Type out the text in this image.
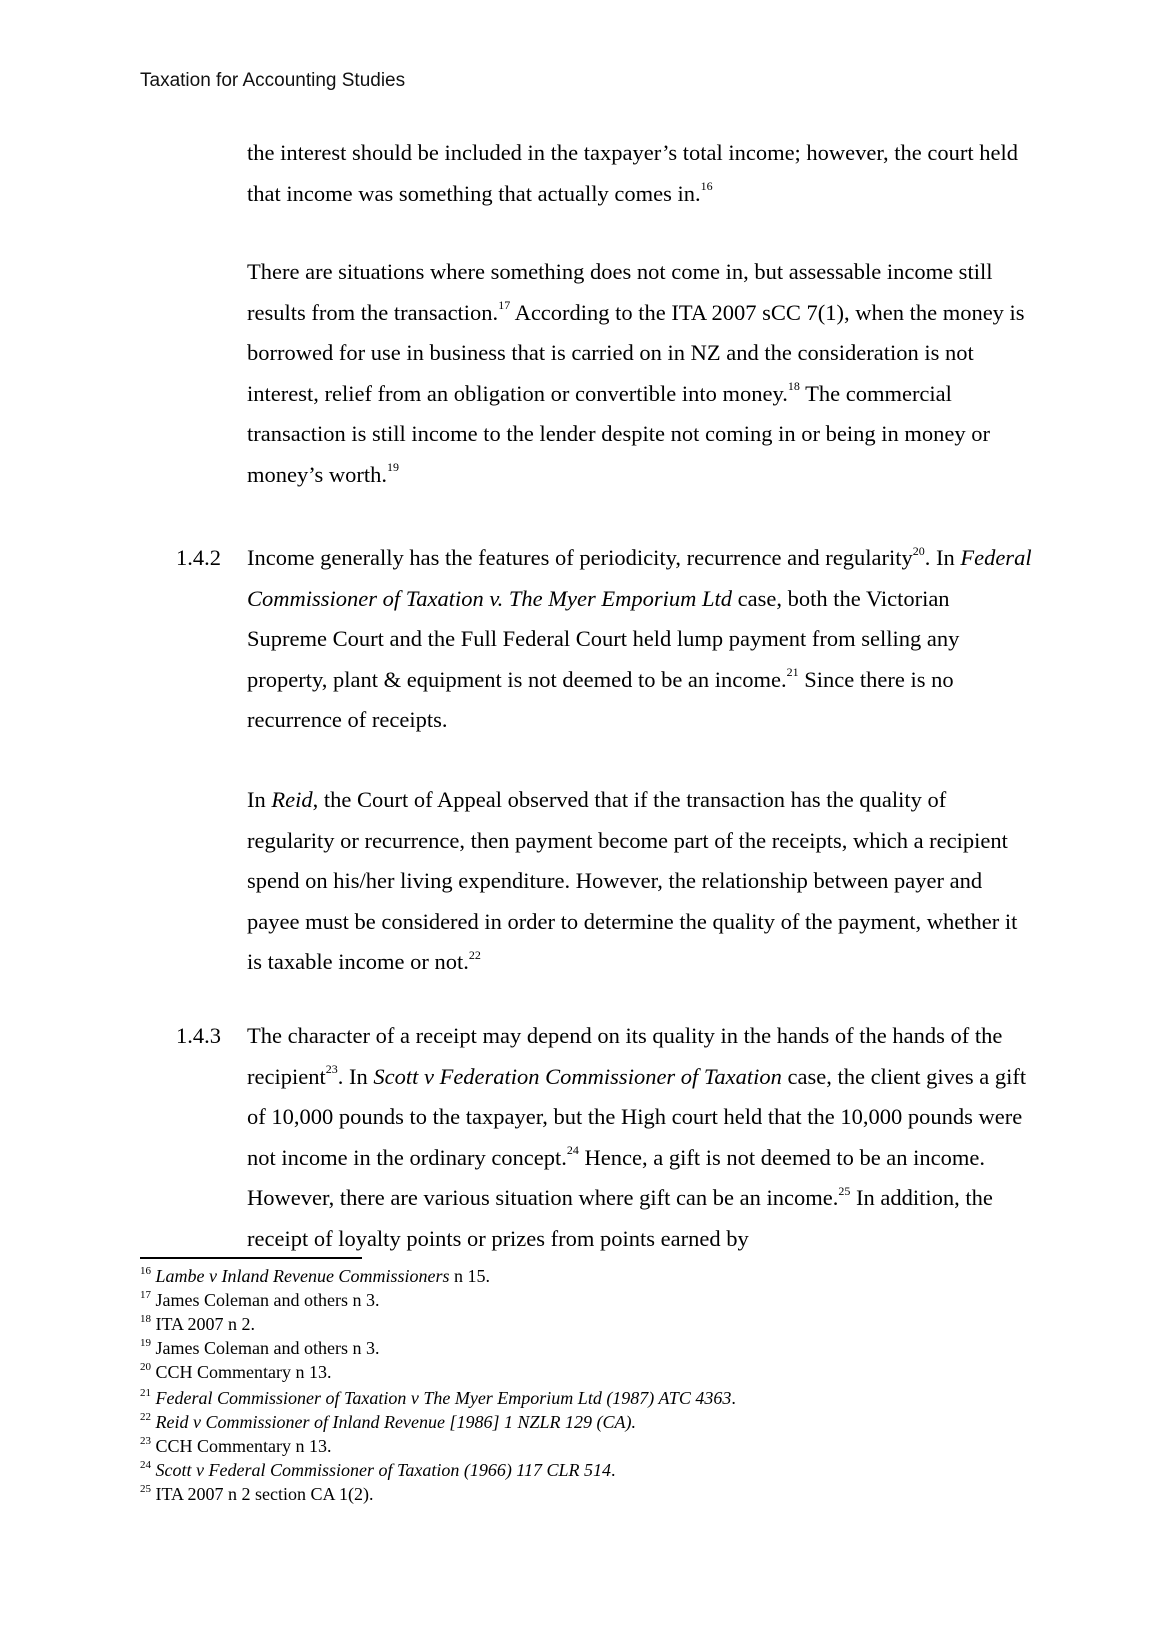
Taxation for Accounting Studies

the interest should be included in the taxpayer’s total income; however, the court held that income was something that actually comes in.$^{16}$

There are situations where something does not come in, but assessable income still results from the transaction.$^{17}$ According to the ITA 2007 sCC 7(1), when the money is borrowed for use in business that is carried on in NZ and the consideration is not interest, relief from an obligation or convertible into money.$^{18}$ The commercial transaction is still income to the lender despite not coming in or being in money or money’s worth.$^{19}$

1.4.2 Income generally has the features of periodicity, recurrence and regularity$^{20}$. In Federal Commissioner of Taxation v. The Myer Emporium Ltd case, both the Victorian Supreme Court and the Full Federal Court held lump payment from selling any property, plant & equipment is not deemed to be an income.$^{21}$ Since there is no recurrence of receipts.

In Reid, the Court of Appeal observed that if the transaction has the quality of regularity or recurrence, then payment become part of the receipts, which a recipient spend on his/her living expenditure. However, the relationship between payer and payee must be considered in order to determine the quality of the payment, whether it is taxable income or not.$^{22}$

1.4.3 The character of a receipt may depend on its quality in the hands of the hands of the recipient$^{23}$. In Scott v Federation Commissioner of Taxation case, the client gives a gift of 10,000 pounds to the taxpayer, but the High court held that the 10,000 pounds were not income in the ordinary concept.$^{24}$ Hence, a gift is not deemed to be an income. However, there are various situation where gift can be an income.$^{25}$ In addition, the receipt of loyalty points or prizes from points earned by

$^{16}$ Lambe v Inland Revenue Commissioners n 15.

$^{17}$ James Coleman and others n 3.

$^{18}$ ITA 2007 n 2.

$^{19}$ James Coleman and others n 3.

$^{20}$ CCH Commentary n 13.

$^{21}$ Federal Commissioner of Taxation v The Myer Emporium Ltd (1987) ATC 4363.

$^{22}$ Reid v Commissioner of Inland Revenue [1986] 1 NZLR 129 (CA).

$^{23}$ CCH Commentary n 13.

$^{24}$ Scott v Federal Commissioner of Taxation (1966) 117 CLR 514.

$^{25}$ ITA 2007 n 2 section CA 1(2).
